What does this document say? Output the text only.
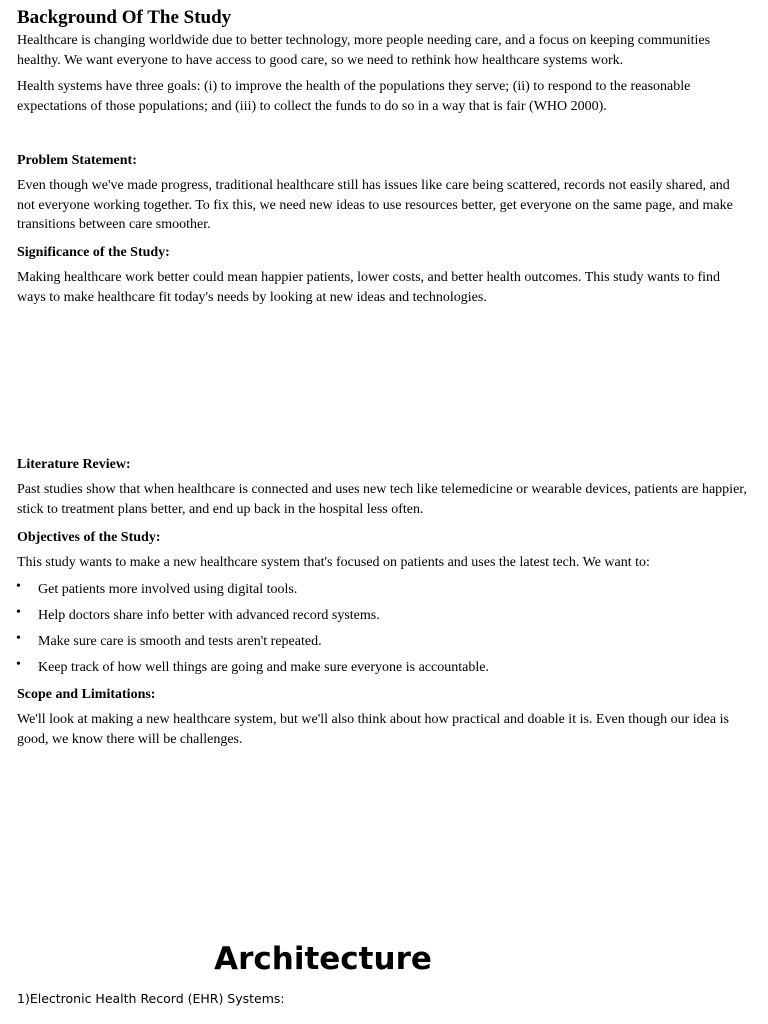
Background Of The Study
Healthcare is changing worldwide due to better technology, more people needing care, and a focus on keeping communities healthy. We want everyone to have access to good care, so we need to rethink how healthcare systems work.
Health systems have three goals: (i) to improve the health of the populations they serve; (ii) to respond to the reasonable expectations of those populations; and (iii) to collect the funds to do so in a way that is fair (WHO 2000).
Problem Statement:
Even though we've made progress, traditional healthcare still has issues like care being scattered, records not easily shared, and not everyone working together. To fix this, we need new ideas to use resources better, get everyone on the same page, and make transitions between care smoother.
Significance of the Study:
Making healthcare work better could mean happier patients, lower costs, and better health outcomes. This study wants to find ways to make healthcare fit today's needs by looking at new ideas and technologies.
Literature Review:
Past studies show that when healthcare is connected and uses new tech like telemedicine or wearable devices, patients are happier, stick to treatment plans better, and end up back in the hospital less often.
Objectives of the Study:
This study wants to make a new healthcare system that's focused on patients and uses the latest tech. We want to:
• Get patients more involved using digital tools.
• Help doctors share info better with advanced record systems.
• Make sure care is smooth and tests aren't repeated.
• Keep track of how well things are going and make sure everyone is accountable.
Scope and Limitations:
We'll look at making a new healthcare system, but we'll also think about how practical and doable it is. Even though our idea is good, we know there will be challenges.
Architecture
1)Electronic Health Record (EHR) Systems:
